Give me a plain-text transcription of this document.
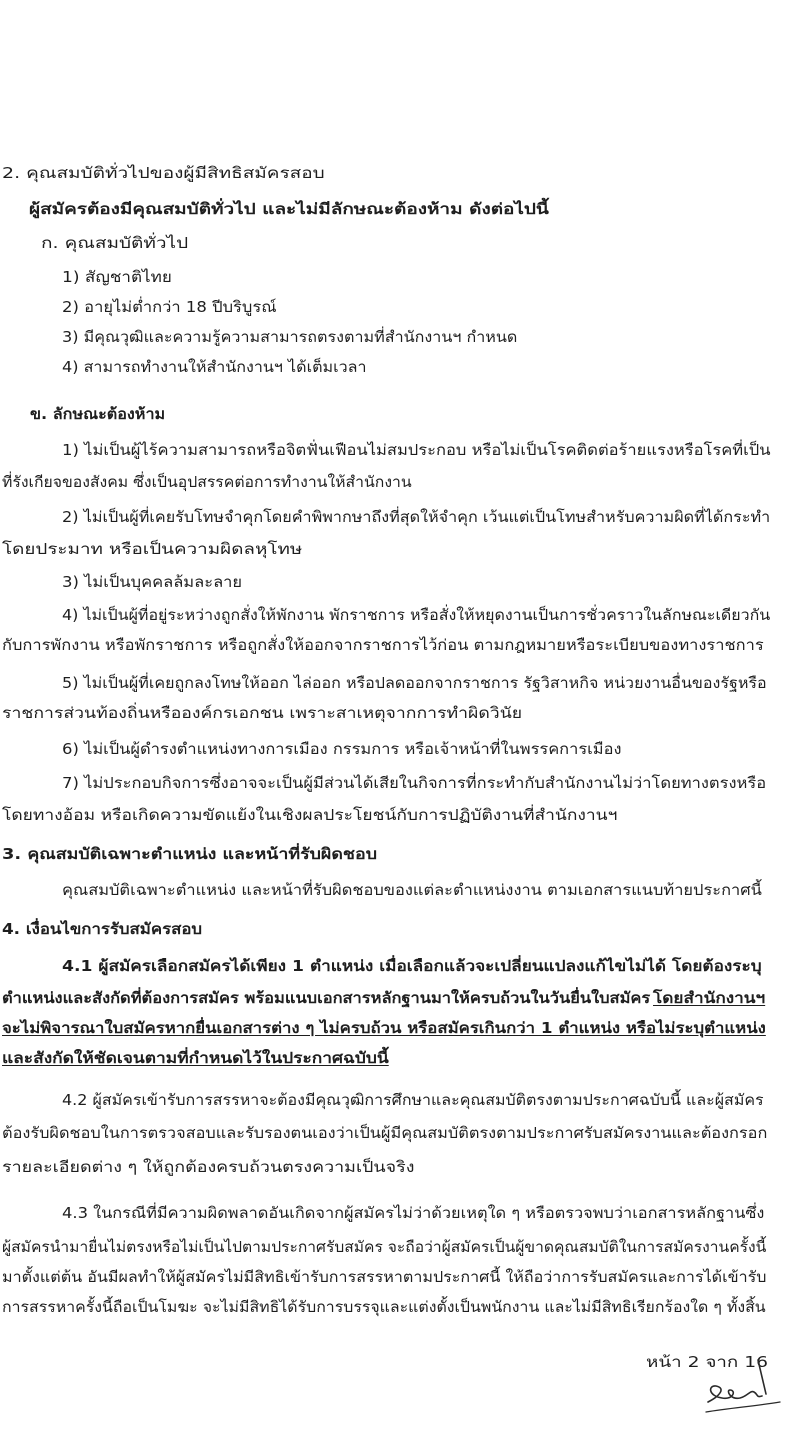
2. คุณสมบัติทั่วไปของผู้มีสิทธิสมัครสอบ

ผู้สมัครต้องมีคุณสมบัติทั่วไป และไม่มีลักษณะต้องห้าม ดังต่อไปนี้

ก. คุณสมบัติทั่วไป

1) สัญชาติไทย

2) อายุไม่ต่ำกว่า 18 ปีบริบูรณ์

3) มีคุณวุฒิและความรู้ความสามารถตรงตามที่สำนักงานฯ กำหนด

4) สามารถทำงานให้สำนักงานฯ ได้เต็มเวลา

ข. ลักษณะต้องห้าม

1) ไม่เป็นผู้ไร้ความสามารถหรือจิตฟั่นเฟือนไม่สมประกอบ หรือไม่เป็นโรคติดต่อร้ายแรงหรือโรคที่เป็น

ที่รังเกียจของสังคม ซึ่งเป็นอุปสรรคต่อการทำงานให้สำนักงาน

2) ไม่เป็นผู้ที่เคยรับโทษจำคุกโดยคำพิพากษาถึงที่สุดให้จำคุก เว้นแต่เป็นโทษสำหรับความผิดที่ได้กระทำ

โดยประมาท หรือเป็นความผิดลหุโทษ

3) ไม่เป็นบุคคลล้มละลาย

4) ไม่เป็นผู้ที่อยู่ระหว่างถูกสั่งให้พักงาน พักราชการ หรือสั่งให้หยุดงานเป็นการชั่วคราวในลักษณะเดียวกัน

กับการพักงาน หรือพักราชการ หรือถูกสั่งให้ออกจากราชการไว้ก่อน ตามกฎหมายหรือระเบียบของทางราชการ

5) ไม่เป็นผู้ที่เคยถูกลงโทษให้ออก ไล่ออก หรือปลดออกจากราชการ รัฐวิสาหกิจ หน่วยงานอื่นของรัฐหรือ

ราชการส่วนท้องถิ่นหรือองค์กรเอกชน เพราะสาเหตุจากการทำผิดวินัย

6) ไม่เป็นผู้ดำรงตำแหน่งทางการเมือง กรรมการ หรือเจ้าหน้าที่ในพรรคการเมือง

7) ไม่ประกอบกิจการซึ่งอาจจะเป็นผู้มีส่วนได้เสียในกิจการที่กระทำกับสำนักงานไม่ว่าโดยทางตรงหรือ

โดยทางอ้อม หรือเกิดความขัดแย้งในเชิงผลประโยชน์กับการปฏิบัติงานที่สำนักงานฯ

3. คุณสมบัติเฉพาะตำแหน่ง และหน้าที่รับผิดชอบ

คุณสมบัติเฉพาะตำแหน่ง และหน้าที่รับผิดชอบของแต่ละตำแหน่งงาน ตามเอกสารแนบท้ายประกาศนี้

4. เงื่อนไขการรับสมัครสอบ

4.1 ผู้สมัครเลือกสมัครได้เพียง 1 ตำแหน่ง เมื่อเลือกแล้วจะเปลี่ยนแปลงแก้ไขไม่ได้ โดยต้องระบุ

ตำแหน่งและสังกัดที่ต้องการสมัคร พร้อมแนบเอกสารหลักฐานมาให้ครบถ้วนในวันยื่นใบสมัคร โดยสำนักงานฯ

จะไม่พิจารณาใบสมัครหากยื่นเอกสารต่าง ๆ ไม่ครบถ้วน หรือสมัครเกินกว่า 1 ตำแหน่ง หรือไม่ระบุตำแหน่ง

และสังกัดให้ชัดเจนตามที่กำหนดไว้ในประกาศฉบับนี้

4.2 ผู้สมัครเข้ารับการสรรหาจะต้องมีคุณวุฒิการศึกษาและคุณสมบัติตรงตามประกาศฉบับนี้ และผู้สมัคร

ต้องรับผิดชอบในการตรวจสอบและรับรองตนเองว่าเป็นผู้มีคุณสมบัติตรงตามประกาศรับสมัครงานและต้องกรอก

รายละเอียดต่าง ๆ ให้ถูกต้องครบถ้วนตรงความเป็นจริง

4.3 ในกรณีที่มีความผิดพลาดอันเกิดจากผู้สมัครไม่ว่าด้วยเหตุใด ๆ หรือตรวจพบว่าเอกสารหลักฐานซึ่ง

ผู้สมัครนำมายื่นไม่ตรงหรือไม่เป็นไปตามประกาศรับสมัคร จะถือว่าผู้สมัครเป็นผู้ขาดคุณสมบัติในการสมัครงานครั้งนี้

มาตั้งแต่ต้น อันมีผลทำให้ผู้สมัครไม่มีสิทธิเข้ารับการสรรหาตามประกาศนี้ ให้ถือว่าการรับสมัครและการได้เข้ารับ

การสรรหาครั้งนี้ถือเป็นโมฆะ จะไม่มีสิทธิได้รับการบรรจุและแต่งตั้งเป็นพนักงาน และไม่มีสิทธิเรียกร้องใด ๆ ทั้งสิ้น

หน้า 2 จาก 16
